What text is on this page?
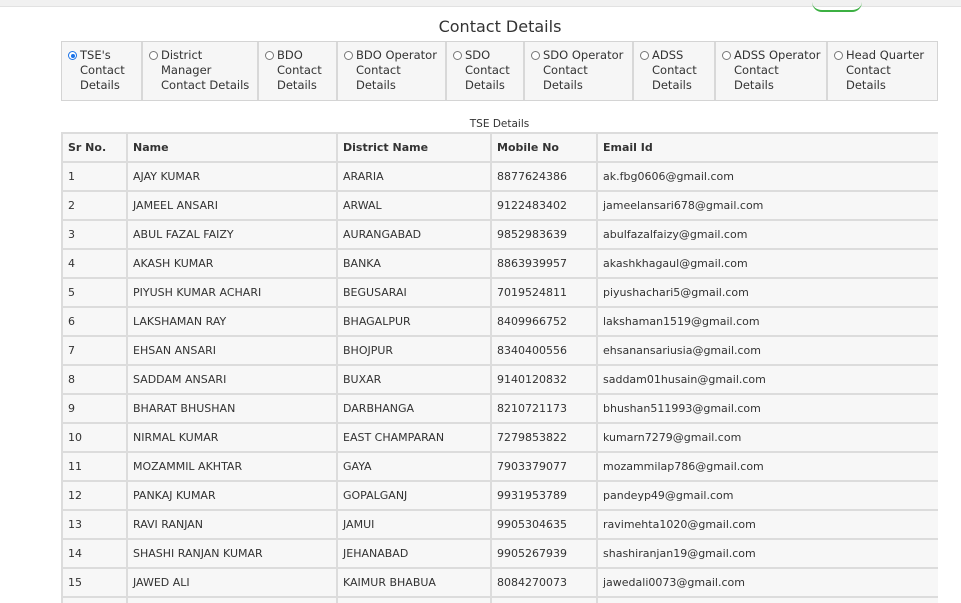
Contact Details
TSE's Contact Details
District Manager Contact Details
BDO Contact Details
BDO Operator Contact Details
SDO Contact Details
SDO Operator Contact Details
ADSS Contact Details
ADSS Operator Contact Details
Head Quarter Contact Details
TSE Details
Sr No.	Name	District Name	Mobile No	Email Id
1	AJAY KUMAR	ARARIA	8877624386	ak.fbg0606@gmail.com
2	JAMEEL ANSARI	ARWAL	9122483402	jameelansari678@gmail.com
3	ABUL FAZAL FAIZY	AURANGABAD	9852983639	abulfazalfaizy@gmail.com
4	AKASH KUMAR	BANKA	8863939957	akashkhagaul@gmail.com
5	PIYUSH KUMAR ACHARI	BEGUSARAI	7019524811	piyushachari5@gmail.com
6	LAKSHAMAN RAY	BHAGALPUR	8409966752	lakshaman1519@gmail.com
7	EHSAN ANSARI	BHOJPUR	8340400556	ehsanansariusia@gmail.com
8	SADDAM ANSARI	BUXAR	9140120832	saddam01husain@gmail.com
9	BHARAT BHUSHAN	DARBHANGA	8210721173	bhushan511993@gmail.com
10	NIRMAL KUMAR	EAST CHAMPARAN	7279853822	kumarn7279@gmail.com
11	MOZAMMIL AKHTAR	GAYA	7903379077	mozammilap786@gmail.com
12	PANKAJ KUMAR	GOPALGANJ	9931953789	pandeyp49@gmail.com
13	RAVI RANJAN	JAMUI	9905304635	ravimehta1020@gmail.com
14	SHASHI RANJAN KUMAR	JEHANABAD	9905267939	shashiranjan19@gmail.com
15	JAWED ALI	KAIMUR BHABUA	8084270073	jawedali0073@gmail.com
